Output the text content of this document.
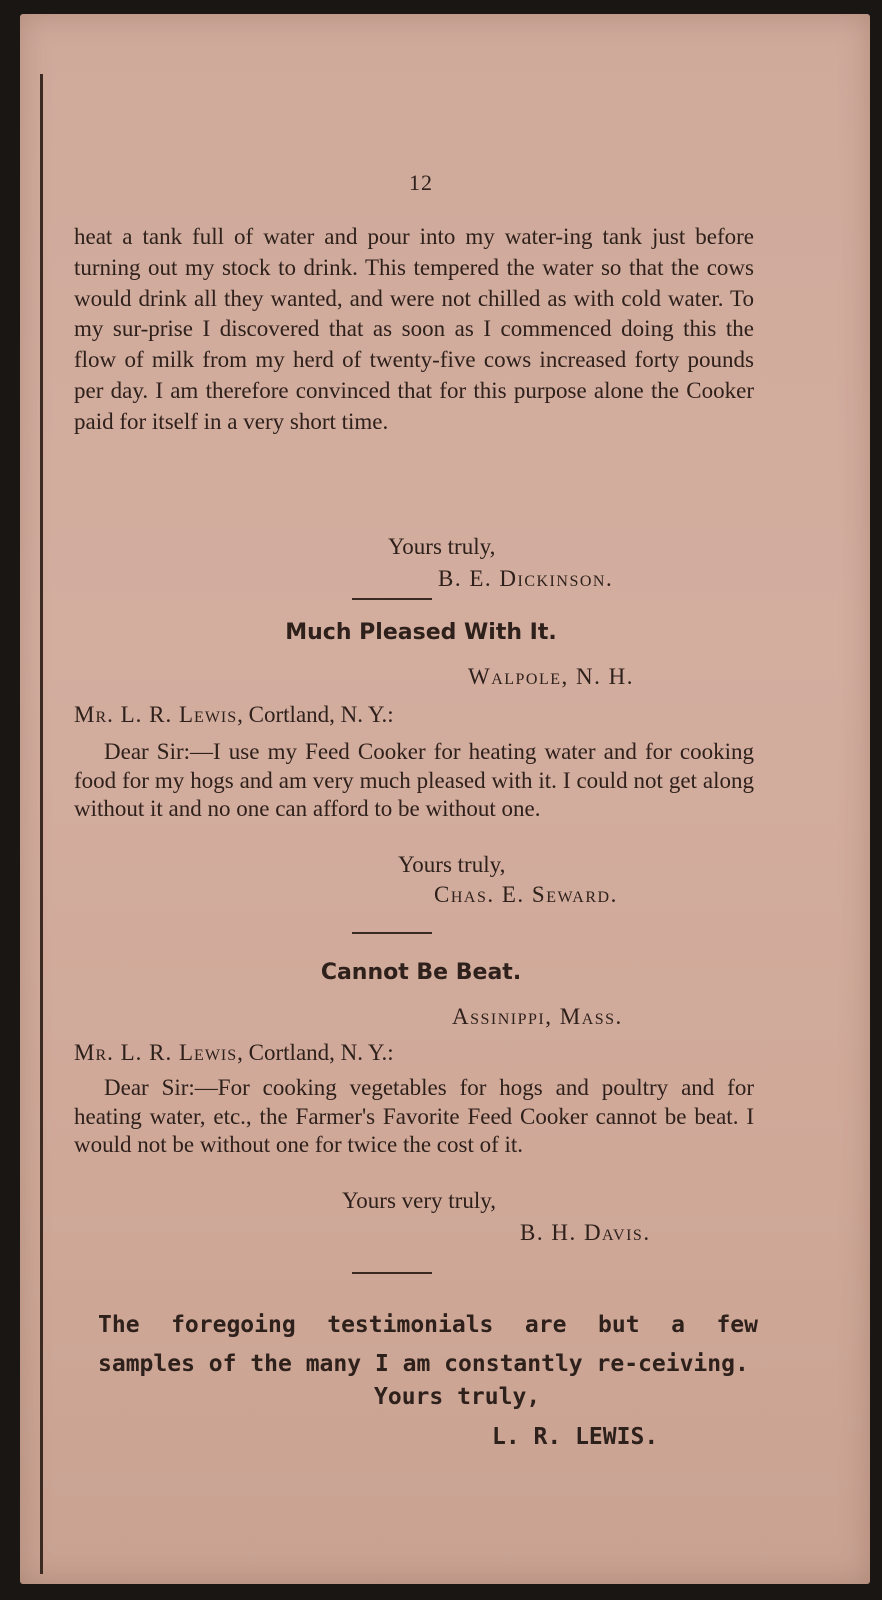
12

heat a tank full of water and pour into my water-ing tank just before turning out my stock to drink. This tempered the water so that the cows would drink all they wanted, and were not chilled as with cold water. To my sur-prise I discovered that as soon as I commenced doing this the flow of milk from my herd of twenty-five cows increased forty pounds per day. I am therefore convinced that for this purpose alone the Cooker paid for itself in a very short time.

Yours truly,

B. E. Dickinson.

Much Pleased With It.

Walpole, N. H.

Mr. L. R. Lewis, Cortland, N. Y.:

Dear Sir:—I use my Feed Cooker for heating water and for cooking food for my hogs and am very much pleased with it. I could not get along without it and no one can afford to be without one.

Yours truly,

Chas. E. Seward.

Cannot Be Beat.

Assinippi, Mass.

Mr. L. R. Lewis, Cortland, N. Y.:

Dear Sir:—For cooking vegetables for hogs and poultry and for heating water, etc., the Farmer's Favorite Feed Cooker cannot be beat. I would not be without one for twice the cost of it.

Yours very truly,

B. H. Davis.

The foregoing testimonials are but a few samples of the many I am constantly re-ceiving.

Yours truly,

L. R. LEWIS.
